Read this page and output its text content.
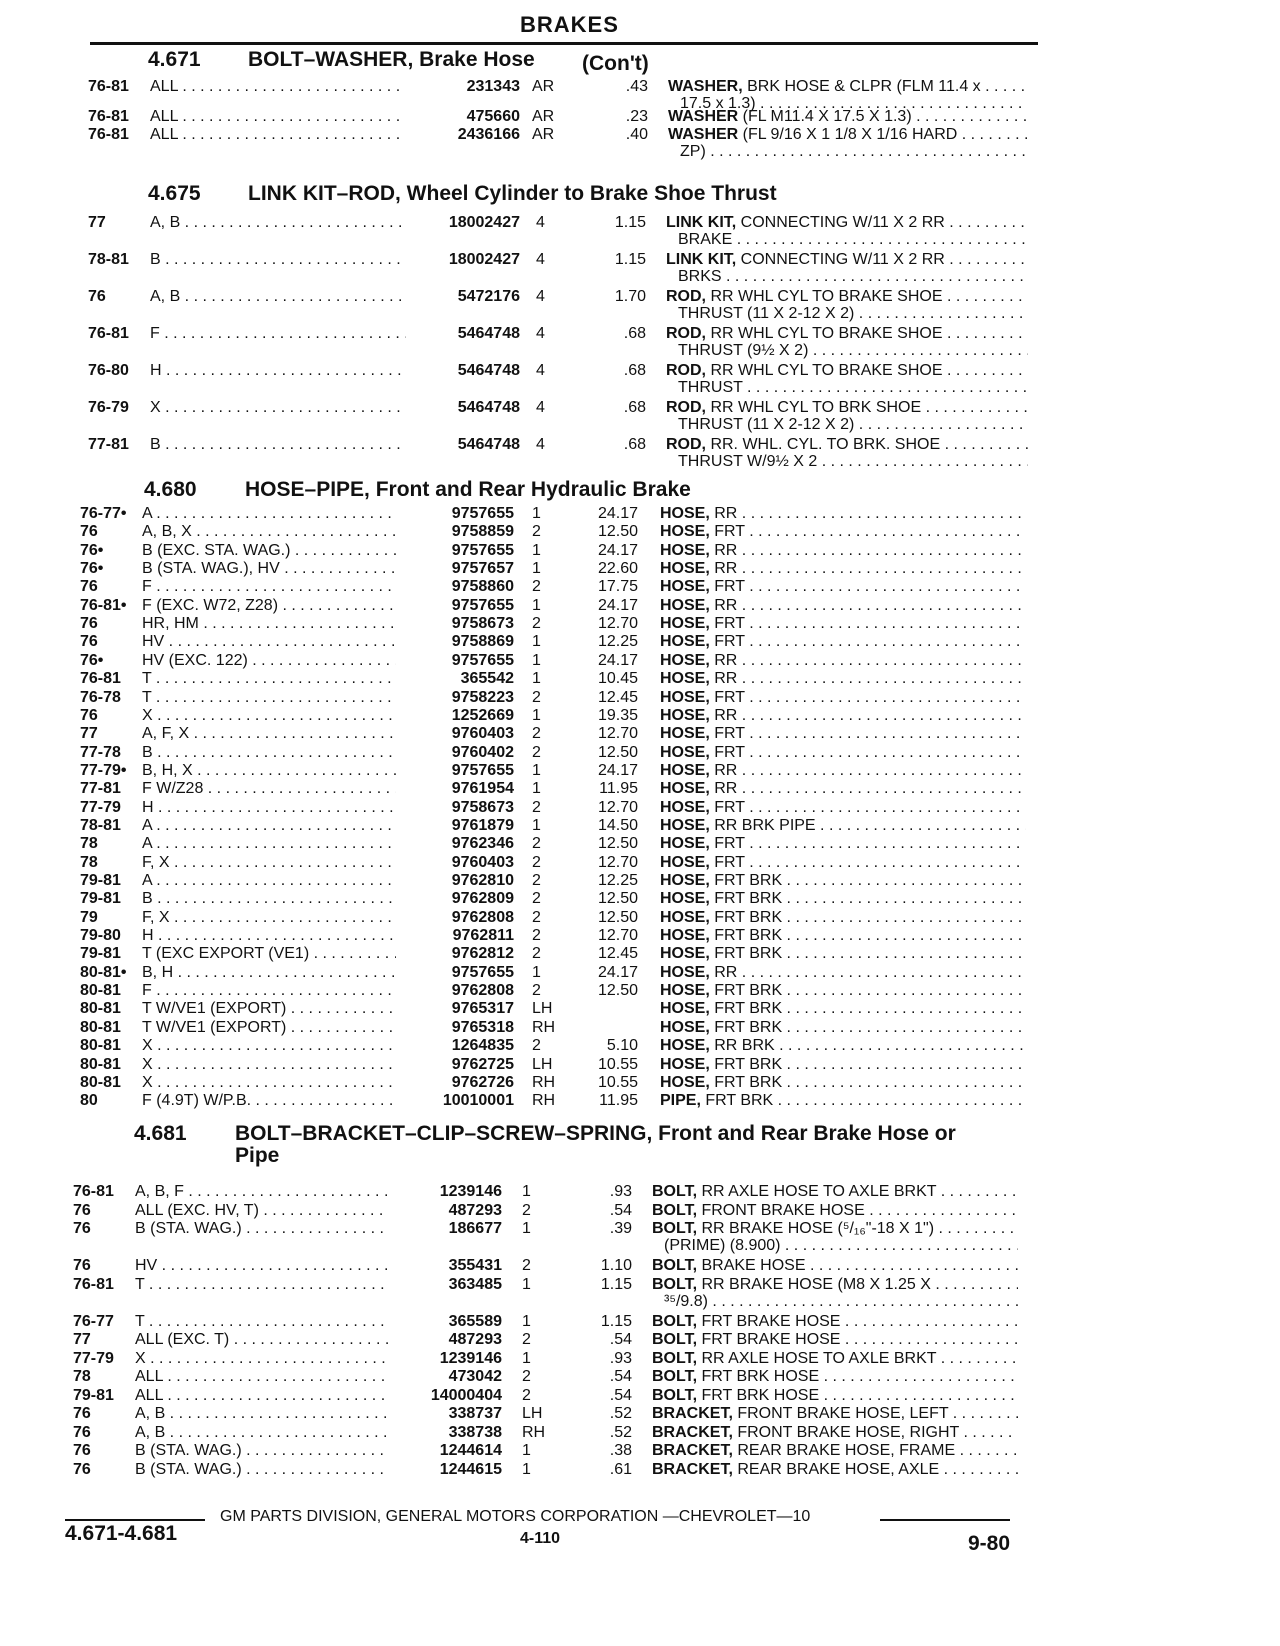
BRAKES
4.671 BOLT–WASHER, Brake Hose (Con't)
76-81 ALL . . .	231343 AR	.43 WASHER, BRK HOSE & CLPR (FLM 11.4 x . . .
17.5 x 1.3) . . .
76-81 ALL . . .	475660 AR	.23 WASHER (FL M11.4 X 17.5 X 1.3) . . .
76-81 ALL . . .	2436166 AR	.40 WASHER (FL 9/16 X 1 1/8 X 1/16 HARD . . .
ZP) . . .
4.675 LINK KIT–ROD, Wheel Cylinder to Brake Shoe Thrust
77	A, B . . .	18002427 4	1.15 LINK KIT, CONNECTING W/11 X 2 RR . . .
BRAKE . . .
78-81 B . . .	18002427 4	1.15 LINK KIT, CONNECTING W/11 X 2 RR . . .
BRKS . . .
76	A, B . . .	5472176 4	1.70 ROD, RR WHL CYL TO BRAKE SHOE . . .
THRUST (11 X 2-12 X 2) . . .
76-81 F . . .	5464748 4	.68 ROD, RR WHL CYL TO BRAKE SHOE . . .
THRUST (9½ X 2) . . .
76-80 H . . .	5464748 4	.68 ROD, RR WHL CYL TO BRAKE SHOE . . .
THRUST . . .
76-79 X . . .	5464748 4	.68 ROD, RR WHL CYL TO BRK SHOE . . .
THRUST (11 X 2-12 X 2) . . .
77-81 B . . .	5464748 4	.68 ROD, RR. WHL. CYL. TO BRK. SHOE . . .
THRUST W/9½ X 2 . . .
4.680 HOSE–PIPE, Front and Rear Hydraulic Brake
76-77• A . . .	9757655 1	24.17 HOSE, RR . . .
76	A, B, X . . .	9758859 2	12.50 HOSE, FRT . . .
76• B (EXC. STA. WAG.) . . .	9757655 1	24.17 HOSE, RR . . .
76• B (STA. WAG.), HV . . .	9757657 1	22.60 HOSE, RR . . .
76	F . . .	9758860 2	17.75 HOSE, FRT . . .
76-81• F (EXC. W72, Z28) . . .	9757655 1	24.17 HOSE, RR . . .
76	HR, HM . . .	9758673 2	12.70 HOSE, FRT . . .
76	HV . . .	9758869 1	12.25 HOSE, FRT . . .
76• HV (EXC. 122) . . .	9757655 1	24.17 HOSE, RR . . .
76-81 T . . .	365542 1	10.45 HOSE, RR . . .
76-78 T . . .	9758223 2	12.45 HOSE, FRT . . .
76	X . . .	1252669 1	19.35 HOSE, RR . . .
77	A, F, X . . .	9760403 2	12.70 HOSE, FRT . . .
77-78 B . . .	9760402 2	12.50 HOSE, FRT . . .
77-79• B, H, X . . .	9757655 1	24.17 HOSE, RR . . .
77-81 F W/Z28 . . .	9761954 1	11.95 HOSE, RR . . .
77-79 H . . .	9758673 2	12.70 HOSE, FRT . . .
78-81 A . . .	9761879 1	14.50 HOSE, RR BRK PIPE . . .
78	A . . .	9762346 2	12.50 HOSE, FRT . . .
78	F, X . . .	9760403 2	12.70 HOSE, FRT . . .
79-81 A . . .	9762810 2	12.25 HOSE, FRT BRK . . .
79-81 B . . .	9762809 2	12.50 HOSE, FRT BRK . . .
79	F, X . . .	9762808 2	12.50 HOSE, FRT BRK . . .
79-80 H . . .	9762811 2	12.70 HOSE, FRT BRK . . .
79-81 T (EXC EXPORT (VE1) . . .	9762812 2	12.45 HOSE, FRT BRK . . .
80-81• B, H . . .	9757655 1	24.17 HOSE, RR . . .
80-81 F . . .	9762808 2	12.50 HOSE, FRT BRK . . .
80-81 T W/VE1 (EXPORT) . . .	9765317 LH	HOSE, FRT BRK . . .
80-81 T W/VE1 (EXPORT) . . .	9765318 RH	HOSE, FRT BRK . . .
80-81 X . . .	1264835 2	5.10 HOSE, RR BRK . . .
80-81 X . . .	9762725 LH	10.55 HOSE, FRT BRK . . .
80-81 X . . .	9762726 RH	10.55 HOSE, FRT BRK . . .
80	F (4.9T) W/P.B. . . .	10010001 RH	11.95 PIPE, FRT BRK . . .
4.681 BOLT–BRACKET–CLIP–SCREW–SPRING, Front and Rear Brake Hose or
Pipe
76-81 A, B, F . . .	1239146 1	.93 BOLT, RR AXLE HOSE TO AXLE BRKT . . .
76	ALL (EXC. HV, T) . . .	487293 2	.54 BOLT, FRONT BRAKE HOSE . . .
76	B (STA. WAG.) . . .	186677 1	.39 BOLT, RR BRAKE HOSE (⁵/₁₆"-18 X 1") . . .
(PRIME) (8.900) . . .
76	HV . . .	355431 2	1.10 BOLT, BRAKE HOSE . . .
76-81 T . . .	363485 1	1.15 BOLT, RR BRAKE HOSE (M8 X 1.25 X . . .
³⁵/9.8) . . .
76-77 T . . .	365589 1	1.15 BOLT, FRT BRAKE HOSE . . .
77	ALL (EXC. T) . . .	487293 2	.54 BOLT, FRT BRAKE HOSE . . .
77-79 X . . .	1239146 1	.93 BOLT, RR AXLE HOSE TO AXLE BRKT . . .
78	ALL . . .	473042 2	.54 BOLT, FRT BRK HOSE . . .
79-81 ALL . . .	14000404 2	.54 BOLT, FRT BRK HOSE . . .
76	A, B . . .	338737 LH	.52 BRACKET, FRONT BRAKE HOSE, LEFT . . .
76	A, B . . .	338738 RH	.52 BRACKET, FRONT BRAKE HOSE, RIGHT . . .
76	B (STA. WAG.) . . .	1244614 1	.38 BRACKET, REAR BRAKE HOSE, FRAME . . .
76	B (STA. WAG.) . . .	1244615 1	.61 BRACKET, REAR BRAKE HOSE, AXLE . . .
GM PARTS DIVISION, GENERAL MOTORS CORPORATION —CHEVROLET—10
4.671-4.681	4-110	9-80
